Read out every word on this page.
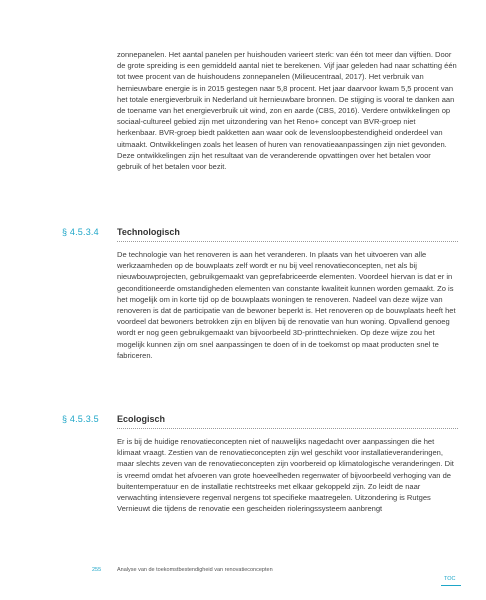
zonnepanelen. Het aantal panelen per huishouden varieert sterk: van één tot meer dan vijftien. Door de grote spreiding is een gemiddeld aantal niet te berekenen. Vijf jaar geleden had naar schatting één tot twee procent van de huishoudens zonnepanelen (Milieucentraal, 2017). Het verbruik van hernieuwbare energie is in 2015 gestegen naar 5,8 procent. Het jaar daarvoor kwam 5,5 procent van het totale energieverbruik in Nederland uit hernieuwbare bronnen. De stijging is vooral te danken aan de toename van het energieverbruik uit wind, zon en aarde (CBS, 2016). Verdere ontwikkelingen op sociaal-cultureel gebied zijn met uitzondering van het Reno+ concept van BVR-groep niet herkenbaar. BVR-groep biedt pakketten aan waar ook de levensloopbestendigheid onderdeel van uitmaakt. Ontwikkelingen zoals het leasen of huren van renovatieaanpassingen zijn niet gevonden. Deze ontwikkelingen zijn het resultaat van de veranderende opvattingen over het betalen voor gebruik of het betalen voor bezit.

§ 4.5.3.4 Technologisch

De technologie van het renoveren is aan het veranderen. In plaats van het uitvoeren van alle werkzaamheden op de bouwplaats zelf wordt er nu bij veel renovatieconcepten, net als bij nieuwbouwprojecten, gebruikgemaakt van geprefabriceerde elementen. Voordeel hiervan is dat er in geconditioneerde omstandigheden elementen van constante kwaliteit kunnen worden gemaakt. Zo is het mogelijk om in korte tijd op de bouwplaats woningen te renoveren. Nadeel van deze wijze van renoveren is dat de participatie van de bewoner beperkt is. Het renoveren op de bouwplaats heeft het voordeel dat bewoners betrokken zijn en blijven bij de renovatie van hun woning. Opvallend genoeg wordt er nog geen gebruikgemaakt van bijvoorbeeld 3D-printtechnieken. Op deze wijze zou het mogelijk kunnen zijn om snel aanpassingen te doen of in de toekomst op maat producten snel te fabriceren.

§ 4.5.3.5 Ecologisch

Er is bij de huidige renovatieconcepten niet of nauwelijks nagedacht over aanpassingen die het klimaat vraagt. Zestien van de renovatieconcepten zijn wel geschikt voor installatieveranderingen, maar slechts zeven van de renovatieconcepten zijn voorbereid op klimatologische veranderingen. Dit is vreemd omdat het afvoeren van grote hoeveelheden regenwater of bijvoorbeeld verhoging van de buitentemperatuur en de installatie rechtstreeks met elkaar gekoppeld zijn. Zo leidt de naar verwachting intensievere regenval nergens tot specifieke maatregelen. Uitzondering is Rutges Vernieuwt die tijdens de renovatie een gescheiden rioleringssysteem aanbrengt

255	Analyse van de toekomstbestendigheid van renovatieconcepten
TOC
